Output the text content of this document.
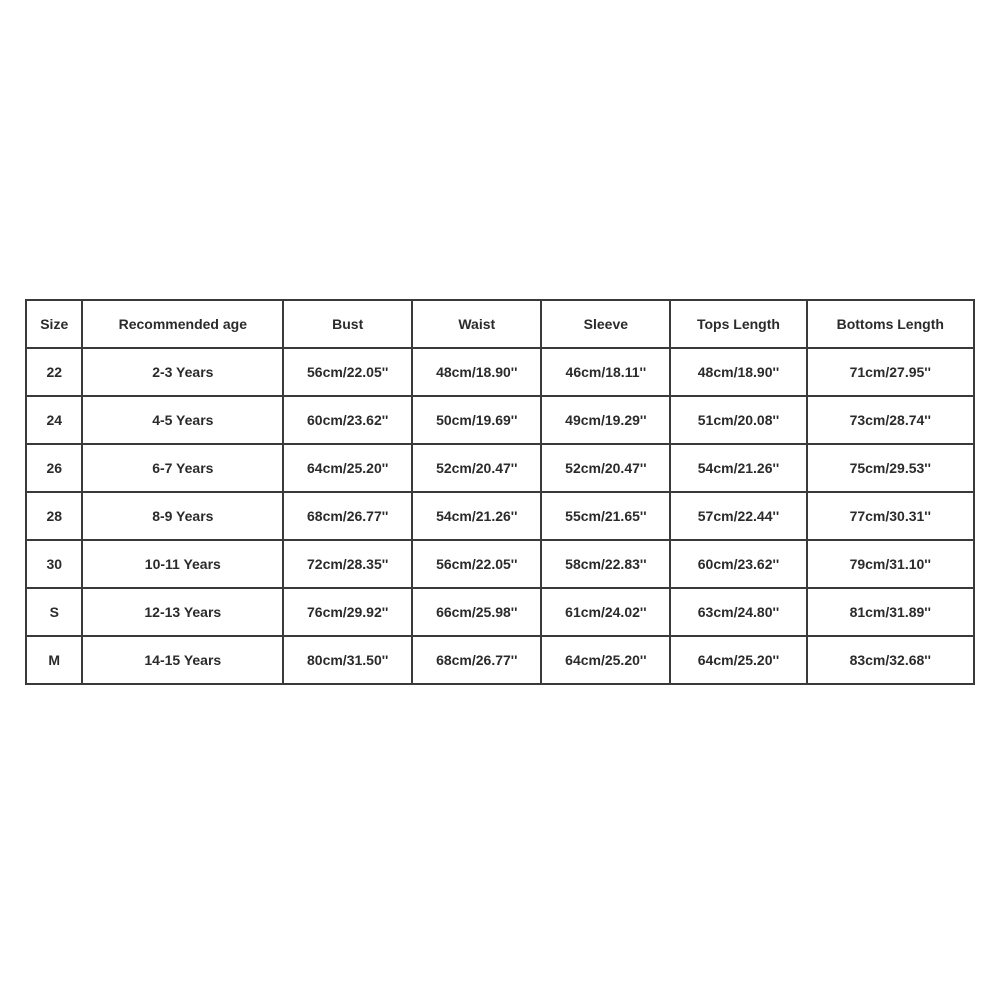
Size	Recommended age	Bust	Waist	Sleeve	Tops Length	Bottoms Length
22	2-3 Years	56cm/22.05''	48cm/18.90''	46cm/18.11''	48cm/18.90''	71cm/27.95''
24	4-5 Years	60cm/23.62''	50cm/19.69''	49cm/19.29''	51cm/20.08''	73cm/28.74''
26	6-7 Years	64cm/25.20''	52cm/20.47''	52cm/20.47''	54cm/21.26''	75cm/29.53''
28	8-9 Years	68cm/26.77''	54cm/21.26''	55cm/21.65''	57cm/22.44''	77cm/30.31''
30	10-11 Years	72cm/28.35''	56cm/22.05''	58cm/22.83''	60cm/23.62''	79cm/31.10''
S	12-13 Years	76cm/29.92''	66cm/25.98''	61cm/24.02''	63cm/24.80''	81cm/31.89''
M	14-15 Years	80cm/31.50''	68cm/26.77''	64cm/25.20''	64cm/25.20''	83cm/32.68''
